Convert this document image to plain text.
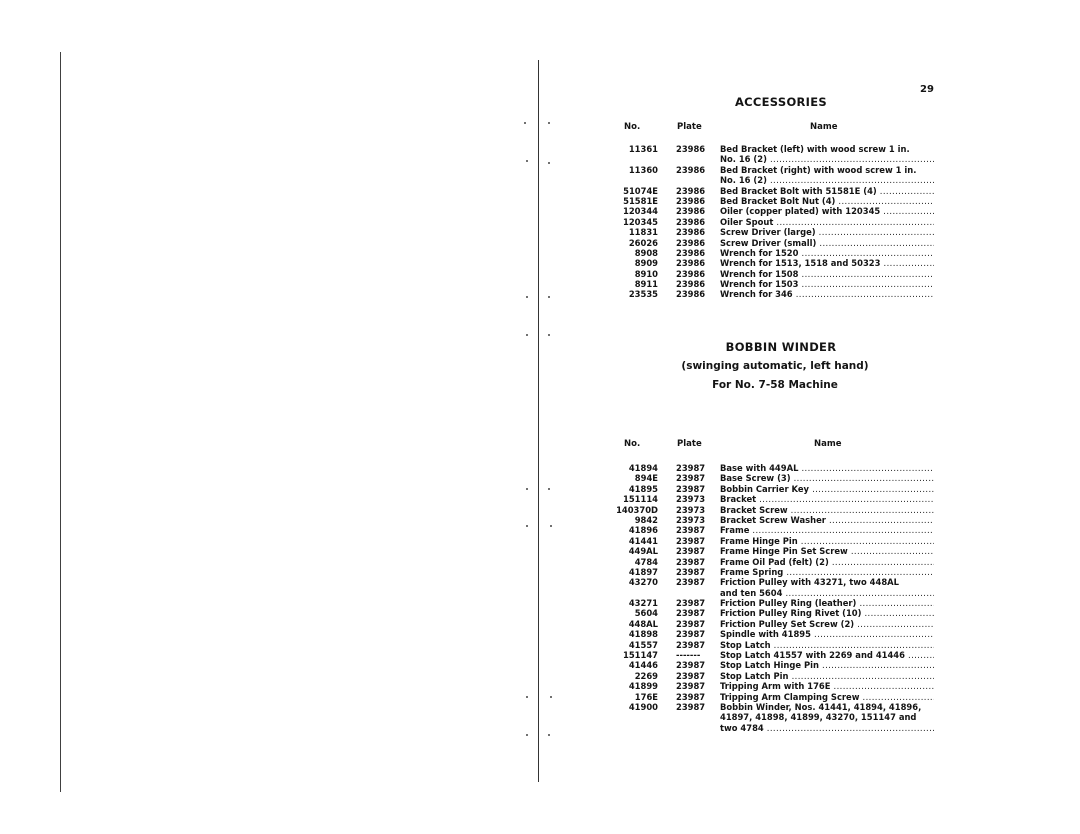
29
ACCESSORIES
No.	Plate	Name
11361 23986 Bed Bracket (left) with wood screw 1 in.
No. 16 (2) .....
11360 23986 Bed Bracket (right) with wood screw 1 in.
No. 16 (2) .....
51074E 23986 Bed Bracket Bolt with 51581E (4) .....
51581E 23986 Bed Bracket Bolt Nut (4) .....
120344 23986 Oiler (copper plated) with 120345 .....
120345 23986 Oiler Spout .....
11831 23986 Screw Driver (large) .....
26026 23986 Screw Driver (small) .....
8908 23986 Wrench for 1520 .....
8909 23986 Wrench for 1513, 1518 and 50323 .....
8910 23986 Wrench for 1508 .....
8911 23986 Wrench for 1503 .....
23535 23986 Wrench for 346 .....
BOBBIN WINDER
(swinging automatic, left hand)
For No. 7-58 Machine
No.	Plate	Name
41894 23987 Base with 449AL .....
894E 23987 Base Screw (3) .....
41895 23987 Bobbin Carrier Key .....
151114 23973 Bracket .....
140370D 23973 Bracket Screw .....
9842 23973 Bracket Screw Washer .....
41896 23987 Frame .....
41441 23987 Frame Hinge Pin .....
449AL 23987 Frame Hinge Pin Set Screw .....
4784 23987 Frame Oil Pad (felt) (2) .....
41897 23987 Frame Spring .....
43270 23987 Friction Pulley with 43271, two 448AL
and ten 5604 .....
43271 23987 Friction Pulley Ring (leather) .....
5604 23987 Friction Pulley Ring Rivet (10) .....
448AL 23987 Friction Pulley Set Screw (2) .....
41898 23987 Spindle with 41895 .....
41557 23987 Stop Latch .....
151147 ------- Stop Latch 41557 with 2269 and 41446 .....
41446 23987 Stop Latch Hinge Pin .....
2269 23987 Stop Latch Pin .....
41899 23987 Tripping Arm with 176E .....
176E 23987 Tripping Arm Clamping Screw .....
41900 23987 Bobbin Winder, Nos. 41441, 41894, 41896,
41897, 41898, 41899, 43270, 151147 and
two 4784 .....
